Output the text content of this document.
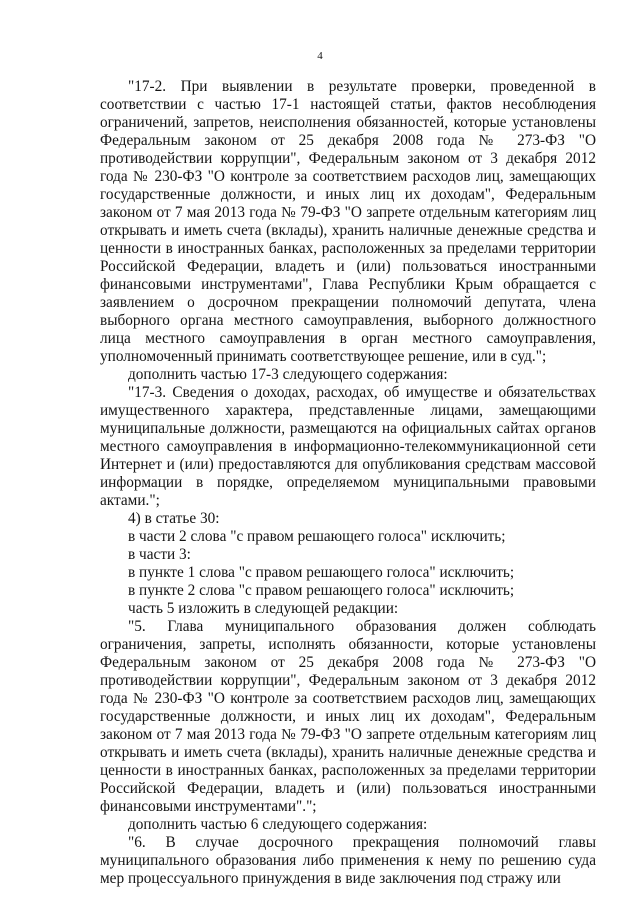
4

"17-2. При выявлении в результате проверки, проведенной в соответствии с частью 17-1 настоящей статьи, фактов несоблюдения ограничений, запретов, неисполнения обязанностей, которые установлены Федеральным законом от 25 декабря 2008 года № 273-ФЗ "О противодействии коррупции", Федеральным законом от 3 декабря 2012 года № 230-ФЗ "О контроле за соответствием расходов лиц, замещающих государственные должности, и иных лиц их доходам", Федеральным законом от 7 мая 2013 года № 79-ФЗ "О запрете отдельным категориям лиц открывать и иметь счета (вклады), хранить наличные денежные средства и ценности в иностранных банках, расположенных за пределами территории Российской Федерации, владеть и (или) пользоваться иностранными финансовыми инструментами", Глава Республики Крым обращается с заявлением о досрочном прекращении полномочий депутата, члена выборного органа местного самоуправления, выборного должностного лица местного самоуправления в орган местного самоуправления, уполномоченный принимать соответствующее решение, или в суд.";

дополнить частью 17-3 следующего содержания:

"17-3. Сведения о доходах, расходах, об имуществе и обязательствах имущественного характера, представленные лицами, замещающими муниципальные должности, размещаются на официальных сайтах органов местного самоуправления в информационно-телекоммуникационной сети Интернет и (или) предоставляются для опубликования средствам массовой информации в порядке, определяемом муниципальными правовыми актами.";

4) в статье 30:

в части 2 слова "с правом решающего голоса" исключить;

в части 3:

в пункте 1 слова "с правом решающего голоса" исключить;

в пункте 2 слова "с правом решающего голоса" исключить;

часть 5 изложить в следующей редакции:

"5. Глава муниципального образования должен соблюдать ограничения, запреты, исполнять обязанности, которые установлены Федеральным законом от 25 декабря 2008 года № 273-ФЗ "О противодействии коррупции", Федеральным законом от 3 декабря 2012 года № 230-ФЗ "О контроле за соответствием расходов лиц, замещающих государственные должности, и иных лиц их доходам", Федеральным законом от 7 мая 2013 года № 79-ФЗ "О запрете отдельным категориям лиц открывать и иметь счета (вклады), хранить наличные денежные средства и ценности в иностранных банках, расположенных за пределами территории Российской Федерации, владеть и (или) пользоваться иностранными финансовыми инструментами".";

дополнить частью 6 следующего содержания:

"6. В случае досрочного прекращения полномочий главы муниципального образования либо применения к нему по решению суда мер процессуального принуждения в виде заключения под стражу или
